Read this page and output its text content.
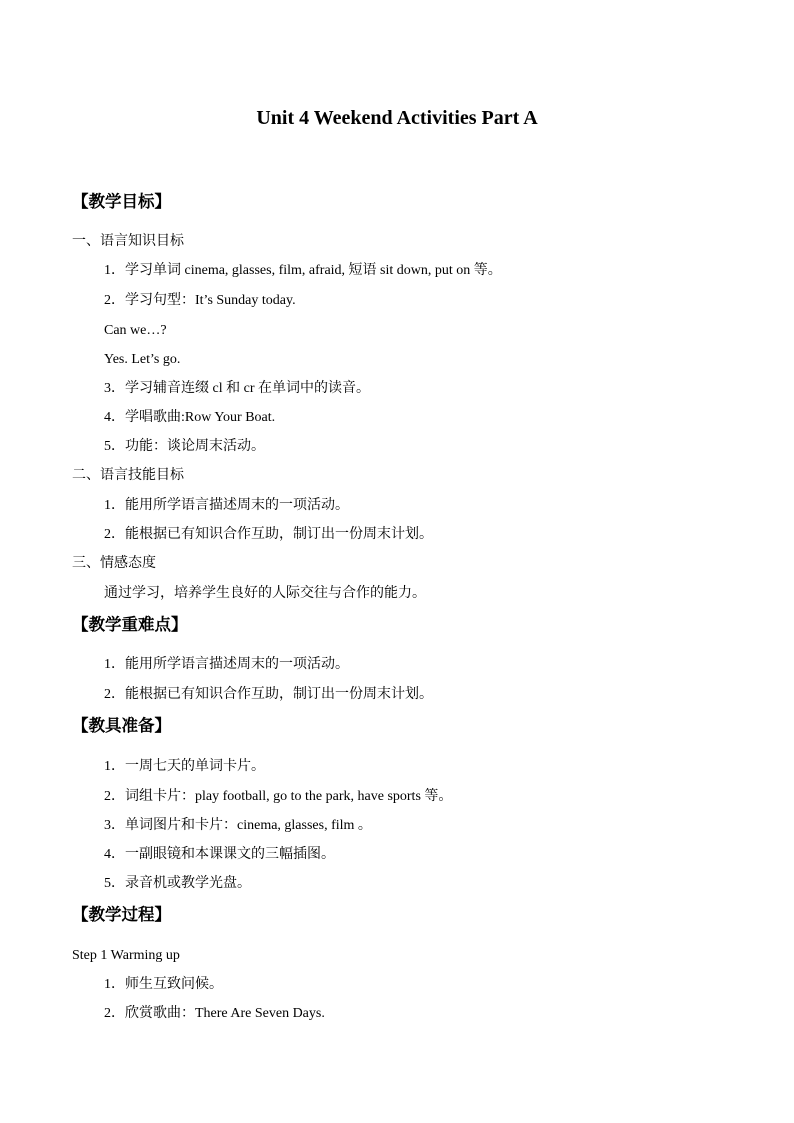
Unit 4 Weekend Activities Part A
【教学目标】
一、语言知识目标
1．学习单词 cinema, glasses, film, afraid, 短语 sit down, put on 等。
2．学习句型：It’s Sunday today.
Can we…?
Yes. Let’s go.
3．学习辅音连缀 cl 和 cr 在单词中的读音。
4．学唱歌曲:Row Your Boat.
5．功能：谈论周末活动。
二、语言技能目标
1．能用所学语言描述周末的一项活动。
2．能根据已有知识合作互助，制订出一份周末计划。
三、情感态度
通过学习，培养学生良好的人际交往与合作的能力。
【教学重难点】
1．能用所学语言描述周末的一项活动。
2．能根据已有知识合作互助，制订出一份周末计划。
【教具准备】
1．一周七天的单词卡片。
2．词组卡片：play football, go to the park, have sports 等。
3．单词图片和卡片：cinema, glasses, film 。
4．一副眼镜和本课课文的三幅插图。
5．录音机或教学光盘。
【教学过程】
Step 1 Warming up
1．师生互致问候。
2．欣赏歌曲：There Are Seven Days.
